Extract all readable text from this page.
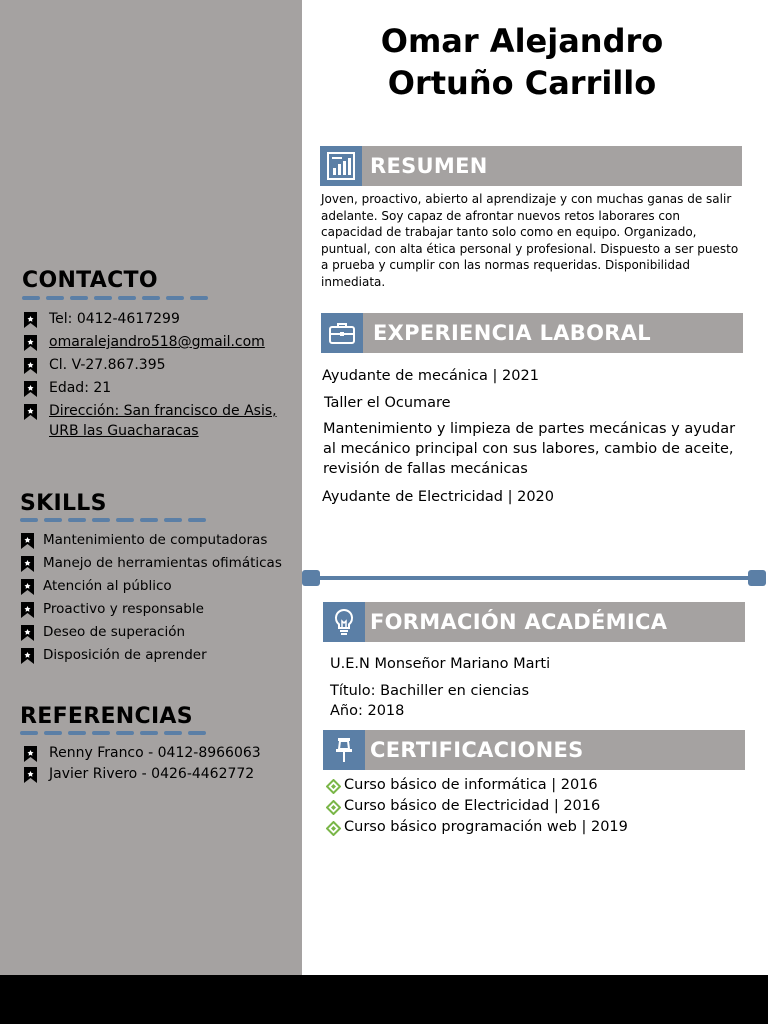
CONTACTO
Tel: 0412-4617299
omaralejandro518@gmail.com
Cl. V-27.867.395
Edad: 21
Dirección: San francisco de Asis, URB las Guacharacas
SKILLS
Mantenimiento de computadoras
Manejo de herramientas ofimáticas
Atención al público
Proactivo y responsable
Deseo de superación
Disposición de aprender
REFERENCIAS
Renny Franco - 0412-8966063
Javier Rivero - 0426-4462772
Omar Alejandro
Ortuño Carrillo
RESUMEN
Joven, proactivo, abierto al aprendizaje y con muchas ganas de salir adelante. Soy capaz de afrontar nuevos retos laborares con capacidad de trabajar tanto solo como en equipo. Organizado, puntual, con alta ética personal y profesional. Dispuesto a ser puesto a prueba y cumplir con las normas requeridas. Disponibilidad inmediata.
EXPERIENCIA LABORAL
Ayudante de mecánica | 2021
Taller el Ocumare
Mantenimiento y limpieza de partes mecánicas y ayudar al mecánico principal con sus labores, cambio de aceite, revisión de fallas mecánicas
Ayudante de Electricidad | 2020
FORMACIÓN ACADÉMICA
U.E.N Monseñor Mariano Marti
Título: Bachiller en ciencias
Año: 2018
CERTIFICACIONES
Curso básico de informática | 2016
Curso básico de Electricidad | 2016
Curso básico programación web | 2019
